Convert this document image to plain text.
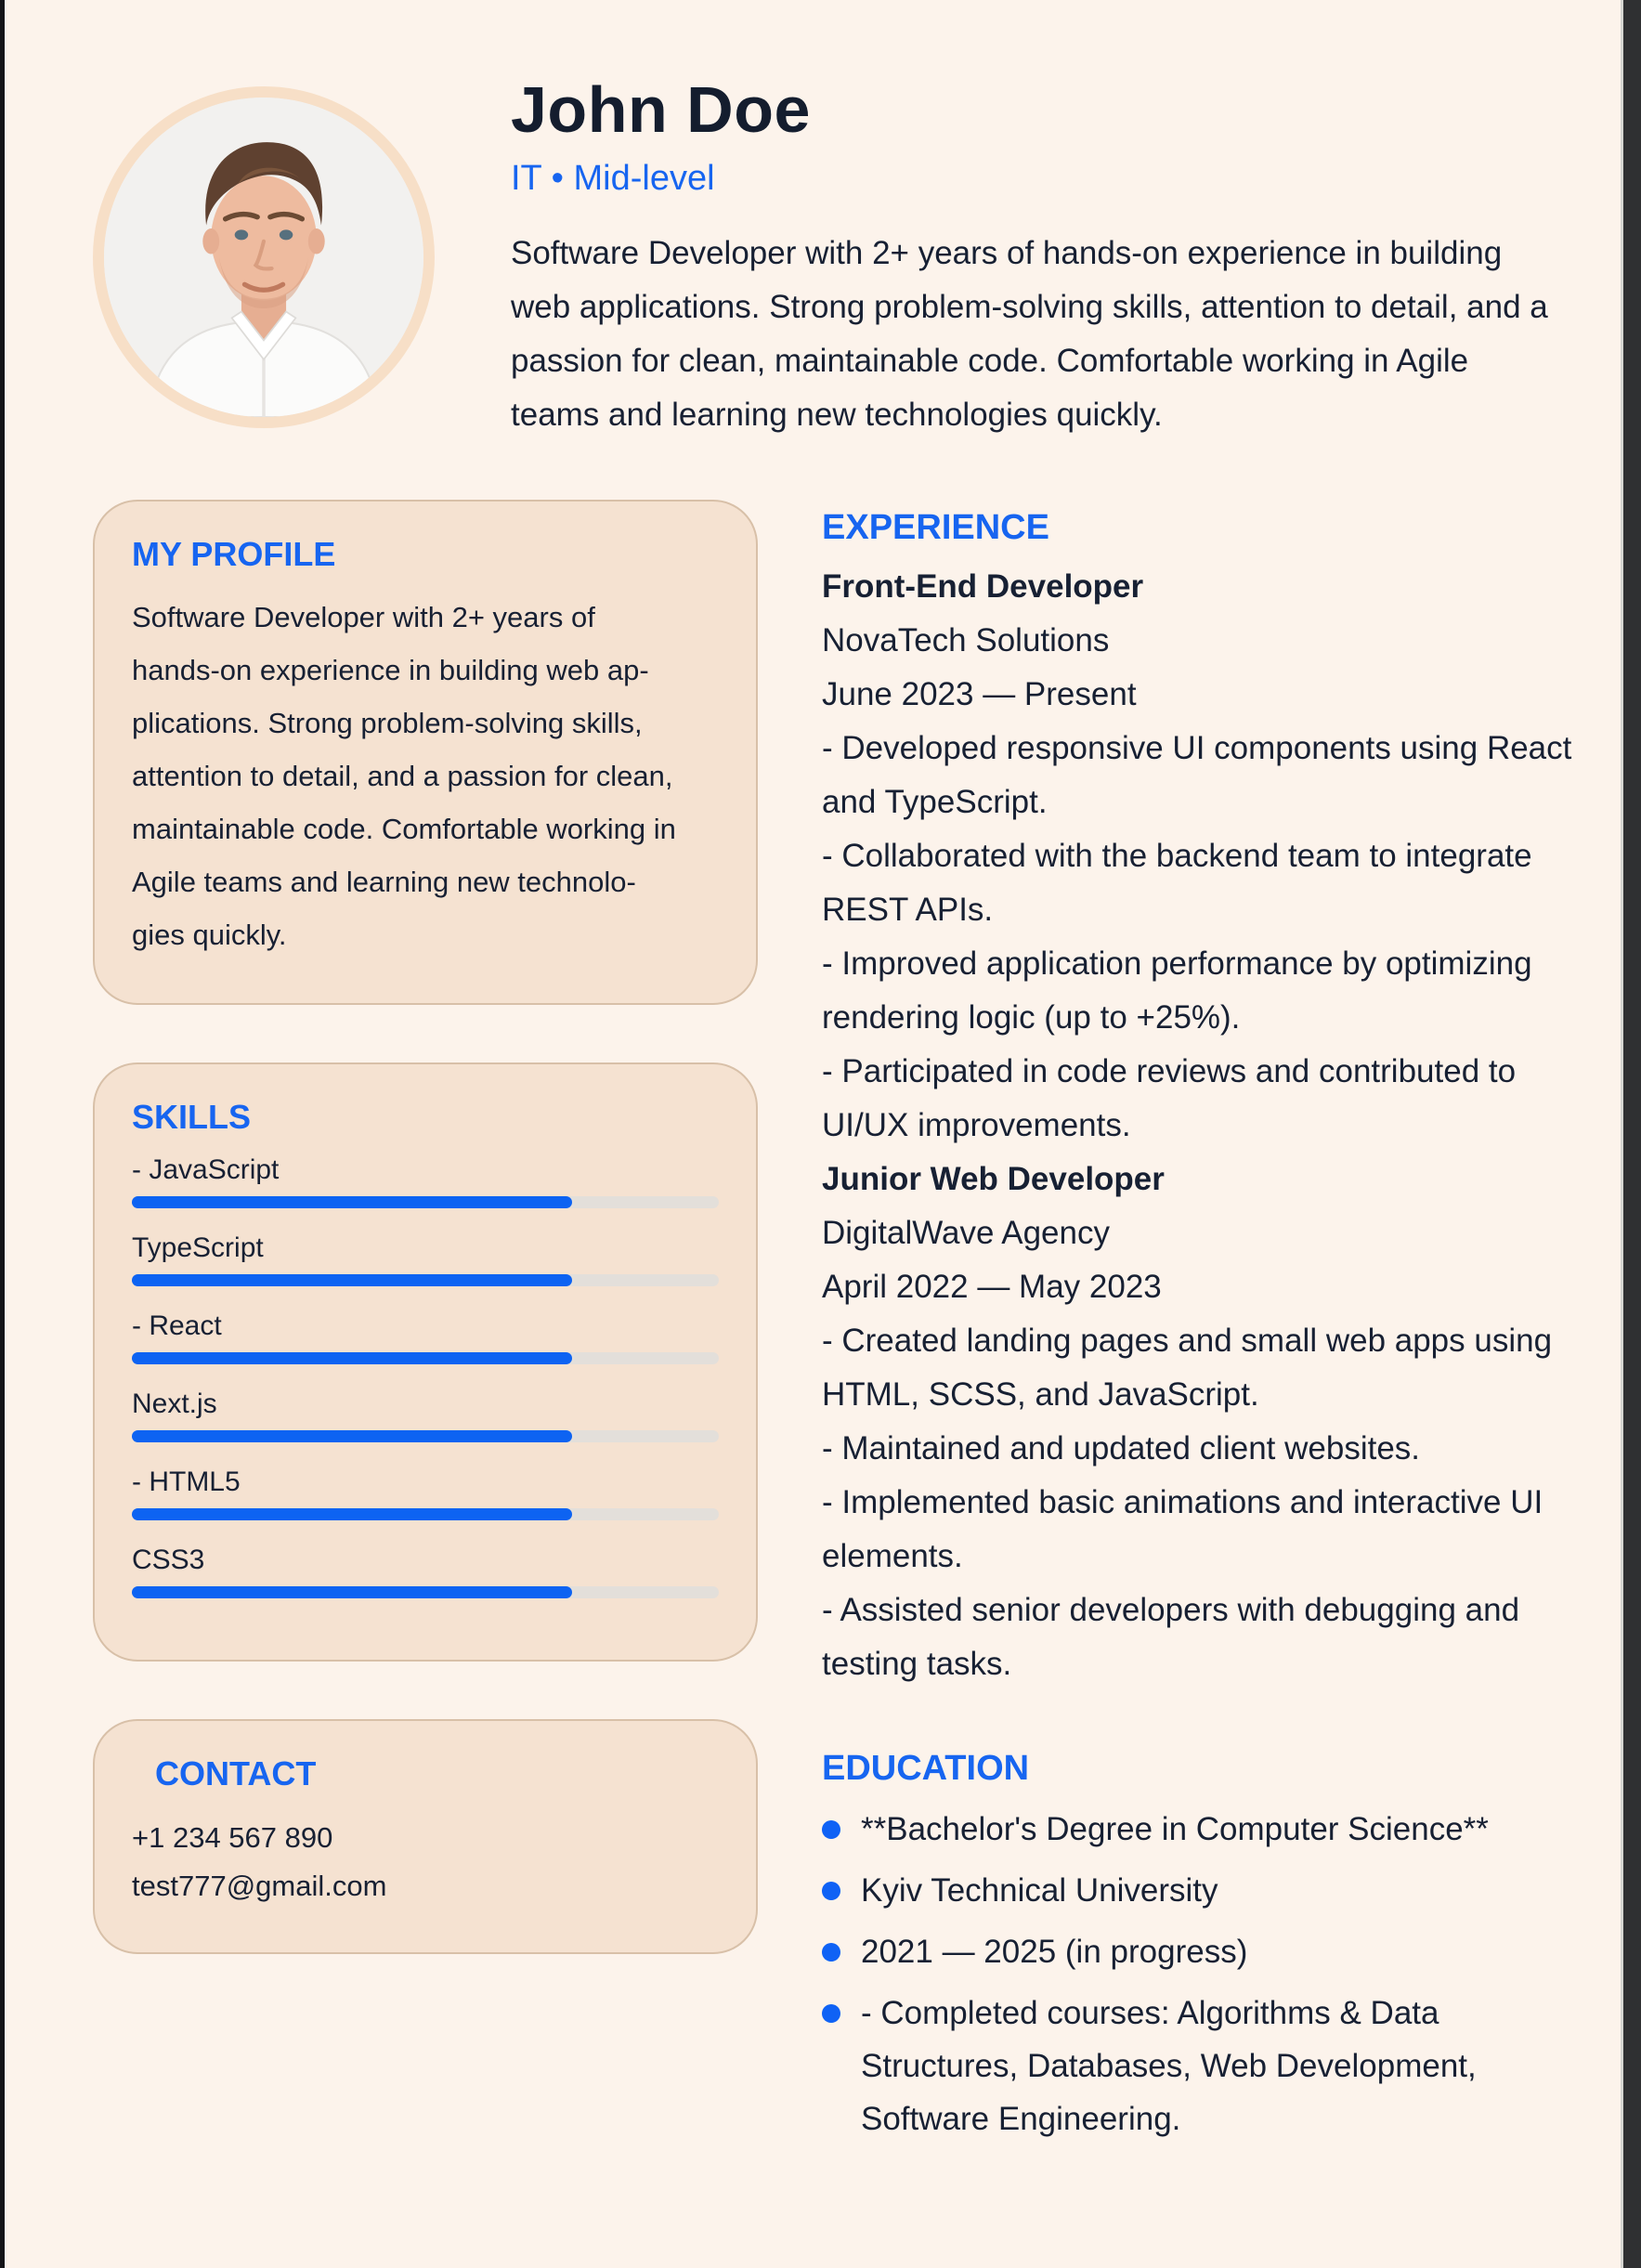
John Doe
IT • Mid-level
Software Developer with 2+ years of hands-on experience in building web applications. Strong problem-solving skills, attention to detail, and a passion for clean, maintainable code. Comfortable working in Agile teams and learning new technologies quickly.
MY PROFILE
Software Developer with 2+ years of
hands-on experience in building web ap-
plications. Strong problem-solving skills,
attention to detail, and a passion for clean,
maintainable code. Comfortable working in
Agile teams and learning new technolo-
gies quickly.
SKILLS
- JavaScript
TypeScript
- React
Next.js
- HTML5
CSS3
CONTACT
+1 234 567 890
test777@gmail.com
EXPERIENCE
Front-End Developer
NovaTech Solutions
June 2023 — Present
- Developed responsive UI components using React and TypeScript.
- Collaborated with the backend team to integrate REST APIs.
- Improved application performance by optimizing rendering logic (up to +25%).
- Participated in code reviews and contributed to UI/UX improvements.
Junior Web Developer
DigitalWave Agency
April 2022 — May 2023
- Created landing pages and small web apps using HTML, SCSS, and JavaScript.
- Maintained and updated client websites.
- Implemented basic animations and interactive UI elements.
- Assisted senior developers with debugging and testing tasks.
EDUCATION
**Bachelor's Degree in Computer Science**
Kyiv Technical University
2021 — 2025 (in progress)
- Completed courses: Algorithms & Data Structures, Databases, Web Development, Software Engineering.
